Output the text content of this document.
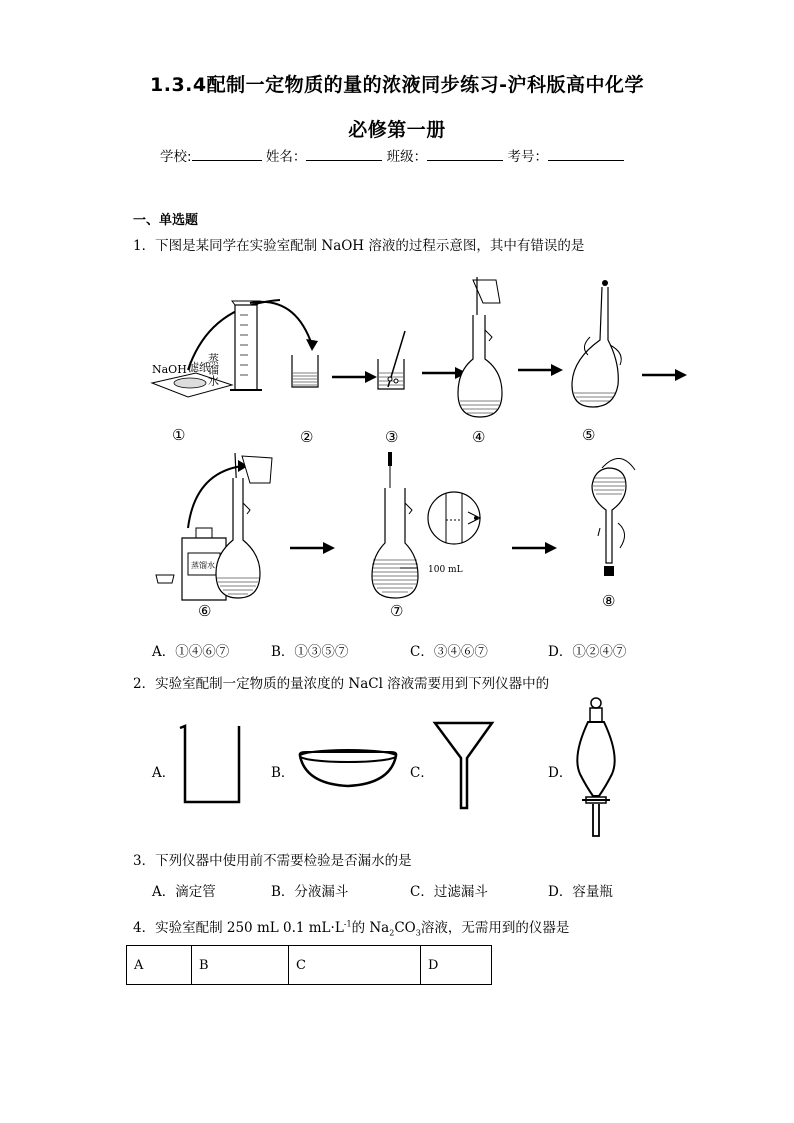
1.3.4配制一定物质的量的浓液同步练习-沪科版高中化学
必修第一册
学校:	姓名：	班级：	考号：
一、单选题
1．下图是某同学在实验室配制 NaOH 溶液的过程示意图，其中有错误的是
NaOH 滤纸
蒸馏水
①	②	③	④	⑤
蒸馏水	100 mL
⑥	⑦
⑧
A．①④⑥⑦	B．①③⑤⑦	C．③④⑥⑦	D．①②④⑦
2．实验室配制一定物质的量浓度的 NaCl 溶液需要用到下列仪器中的
A．	B．	C．	D．
3．下列仪器中使用前不需要检验是否漏水的是
A．滴定管	B．分液漏斗	C．过滤漏斗	D．容量瓶
4．实验室配制 250 mL 0.1 $mL\cdot L^{-1}$的 $Na_2CO_3$溶液，无需用到的仪器是
A	B	C	D
